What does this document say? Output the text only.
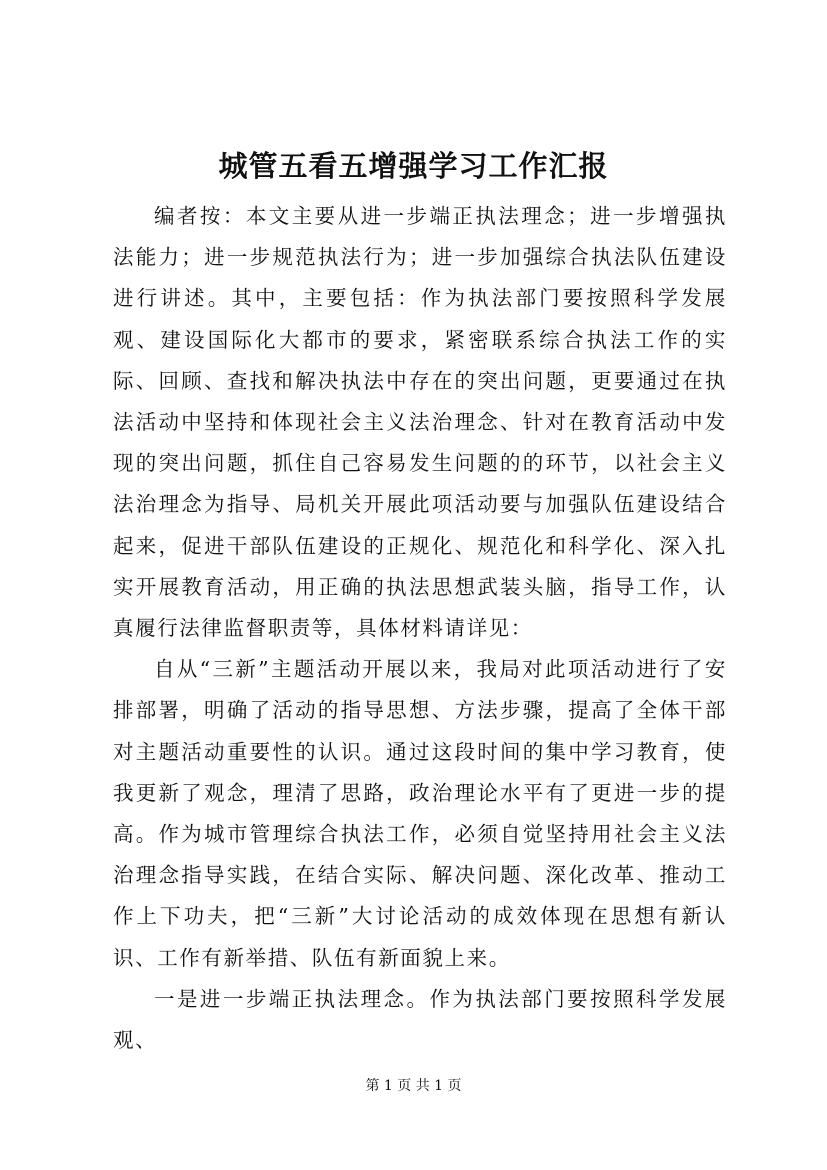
城管五看五增强学习工作汇报

编者按：本文主要从进一步端正执法理念；进一步增强执法能力；进一步规范执法行为；进一步加强综合执法队伍建设进行讲述。其中，主要包括：作为执法部门要按照科学发展观、建设国际化大都市的要求，紧密联系综合执法工作的实际、回顾、查找和解决执法中存在的突出问题，更要通过在执法活动中坚持和体现社会主义法治理念、针对在教育活动中发现的突出问题，抓住自己容易发生问题的的环节，以社会主义法治理念为指导、局机关开展此项活动要与加强队伍建设结合起来，促进干部队伍建设的正规化、规范化和科学化、深入扎实开展教育活动，用正确的执法思想武装头脑，指导工作，认真履行法律监督职责等，具体材料请详见：

自从“三新”主题活动开展以来，我局对此项活动进行了安排部署，明确了活动的指导思想、方法步骤，提高了全体干部对主题活动重要性的认识。通过这段时间的集中学习教育，使我更新了观念，理清了思路，政治理论水平有了更进一步的提高。作为城市管理综合执法工作，必须自觉坚持用社会主义法治理念指导实践，在结合实际、解决问题、深化改革、推动工作上下功夫，把“三新”大讨论活动的成效体现在思想有新认识、工作有新举措、队伍有新面貌上来。

一是进一步端正执法理念。作为执法部门要按照科学发展观、

第 1 页 共 1 页
